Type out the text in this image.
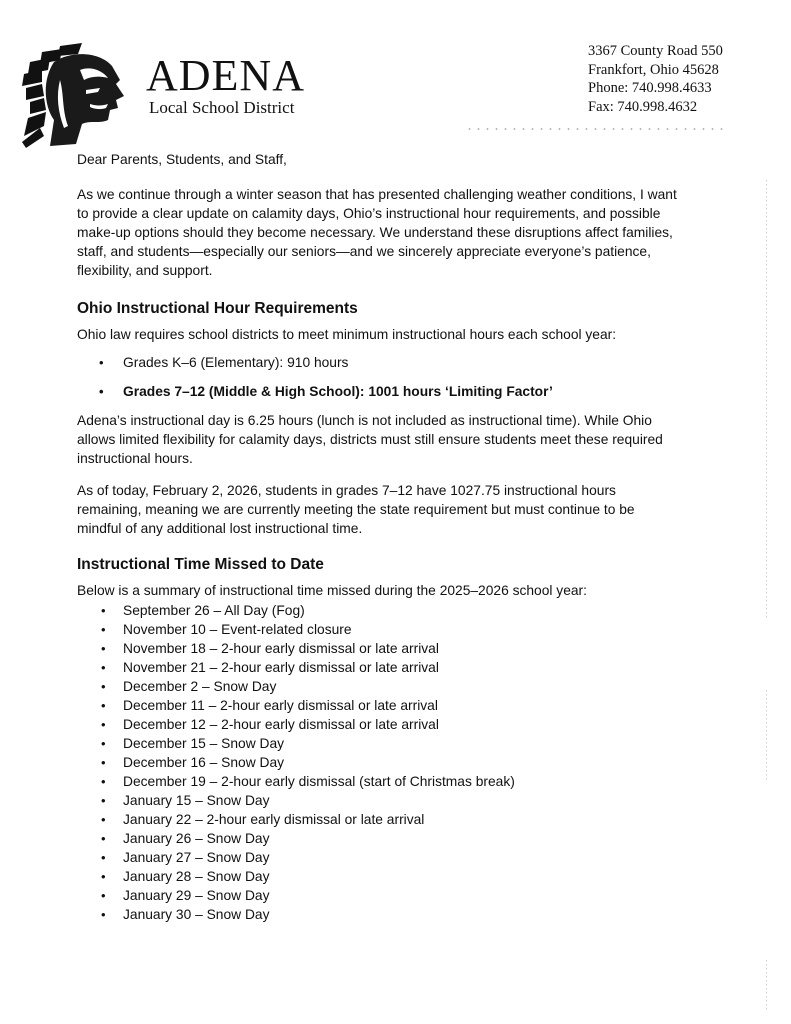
ADENA
Local School District
3367 County Road 550
Frankfort, Ohio 45628
Phone: 740.998.4633
Fax: 740.998.4632

Dear Parents, Students, and Staff,

As we continue through a winter season that has presented challenging weather conditions, I want to provide a clear update on calamity days, Ohio’s instructional hour requirements, and possible make-up options should they become necessary. We understand these disruptions affect families, staff, and students—especially our seniors—and we sincerely appreciate everyone’s patience, flexibility, and support.

Ohio Instructional Hour Requirements

Ohio law requires school districts to meet minimum instructional hours each school year:

• Grades K–6 (Elementary): 910 hours
• Grades 7–12 (Middle & High School): 1001 hours ‘Limiting Factor’

Adena’s instructional day is 6.25 hours (lunch is not included as instructional time). While Ohio allows limited flexibility for calamity days, districts must still ensure students meet these required instructional hours.

As of today, February 2, 2026, students in grades 7–12 have 1027.75 instructional hours remaining, meaning we are currently meeting the state requirement but must continue to be mindful of any additional lost instructional time.

Instructional Time Missed to Date

Below is a summary of instructional time missed during the 2025–2026 school year:

• September 26 – All Day (Fog)
• November 10 – Event-related closure
• November 18 – 2-hour early dismissal or late arrival
• November 21 – 2-hour early dismissal or late arrival
• December 2 – Snow Day
• December 11 – 2-hour early dismissal or late arrival
• December 12 – 2-hour early dismissal or late arrival
• December 15 – Snow Day
• December 16 – Snow Day
• December 19 – 2-hour early dismissal (start of Christmas break)
• January 15 – Snow Day
• January 22 – 2-hour early dismissal or late arrival
• January 26 – Snow Day
• January 27 – Snow Day
• January 28 – Snow Day
• January 29 – Snow Day
• January 30 – Snow Day
